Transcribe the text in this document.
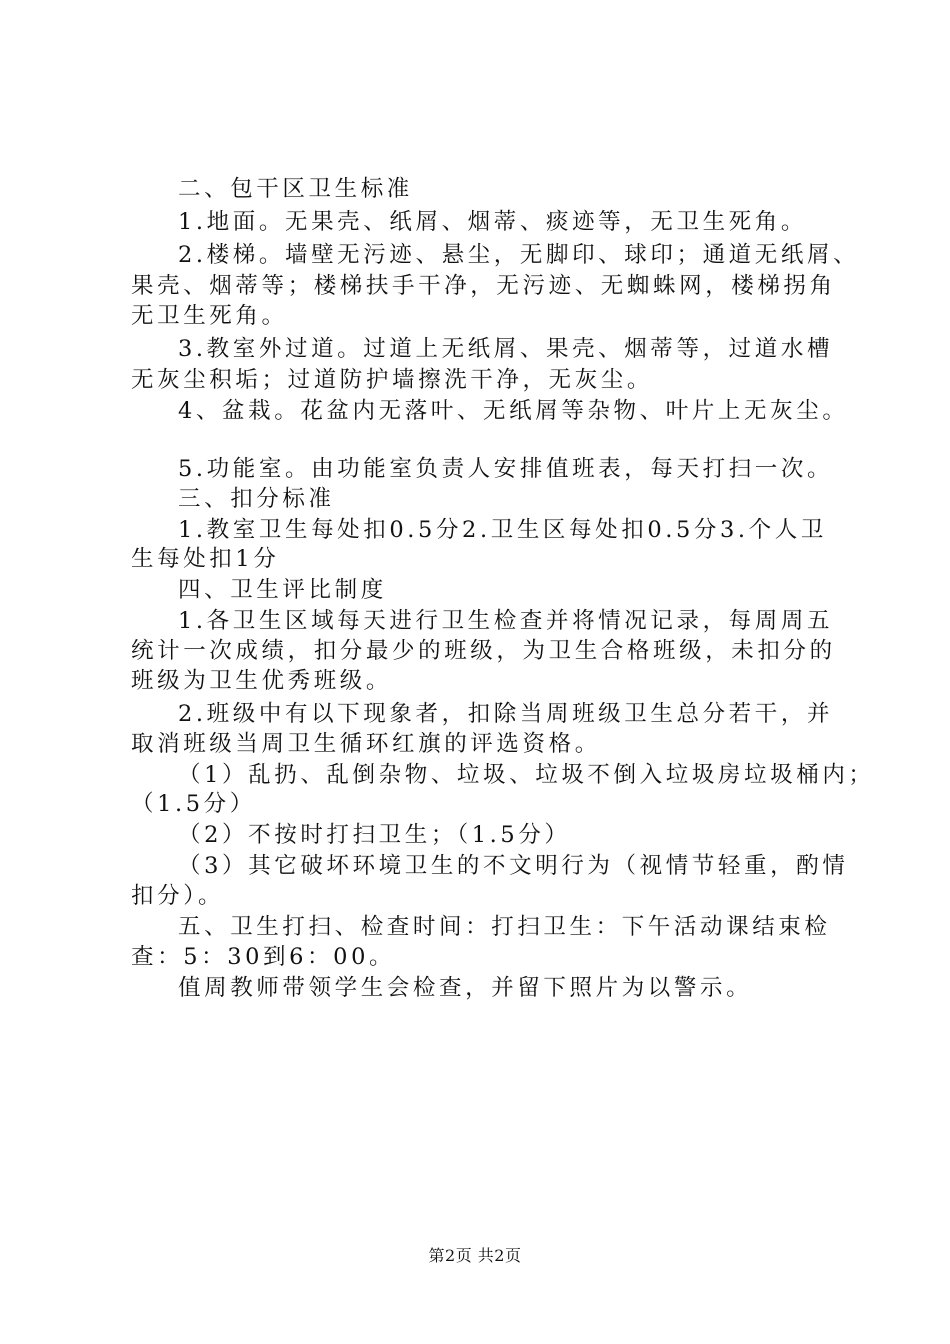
二、包干区卫生标准
1.地面。无果壳、纸屑、烟蒂、痰迹等，无卫生死角。
2.楼梯。墙壁无污迹、悬尘，无脚印、球印；通道无纸屑、
果壳、烟蒂等；楼梯扶手干净，无污迹、无蜘蛛网，楼梯拐角
无卫生死角。
3.教室外过道。过道上无纸屑、果壳、烟蒂等，过道水槽
无灰尘积垢；过道防护墙擦洗干净，无灰尘。
4、盆栽。花盆内无落叶、无纸屑等杂物、叶片上无灰尘。
5.功能室。由功能室负责人安排值班表，每天打扫一次。
三、扣分标准
1.教室卫生每处扣0.5分2.卫生区每处扣0.5分3.个人卫
生每处扣1分
四、卫生评比制度
1.各卫生区域每天进行卫生检查并将情况记录，每周周五
统计一次成绩，扣分最少的班级，为卫生合格班级，未扣分的
班级为卫生优秀班级。
2.班级中有以下现象者，扣除当周班级卫生总分若干，并
取消班级当周卫生循环红旗的评选资格。
（1）乱扔、乱倒杂物、垃圾、垃圾不倒入垃圾房垃圾桶内；
（1.5分）
（2）不按时打扫卫生；（1.5分）
（3）其它破坏环境卫生的不文明行为（视情节轻重，酌情
扣分）。
五、卫生打扫、检查时间：打扫卫生：下午活动课结束检
查：5：30到6：00。
值周教师带领学生会检查，并留下照片为以警示。
第2页 共2页
